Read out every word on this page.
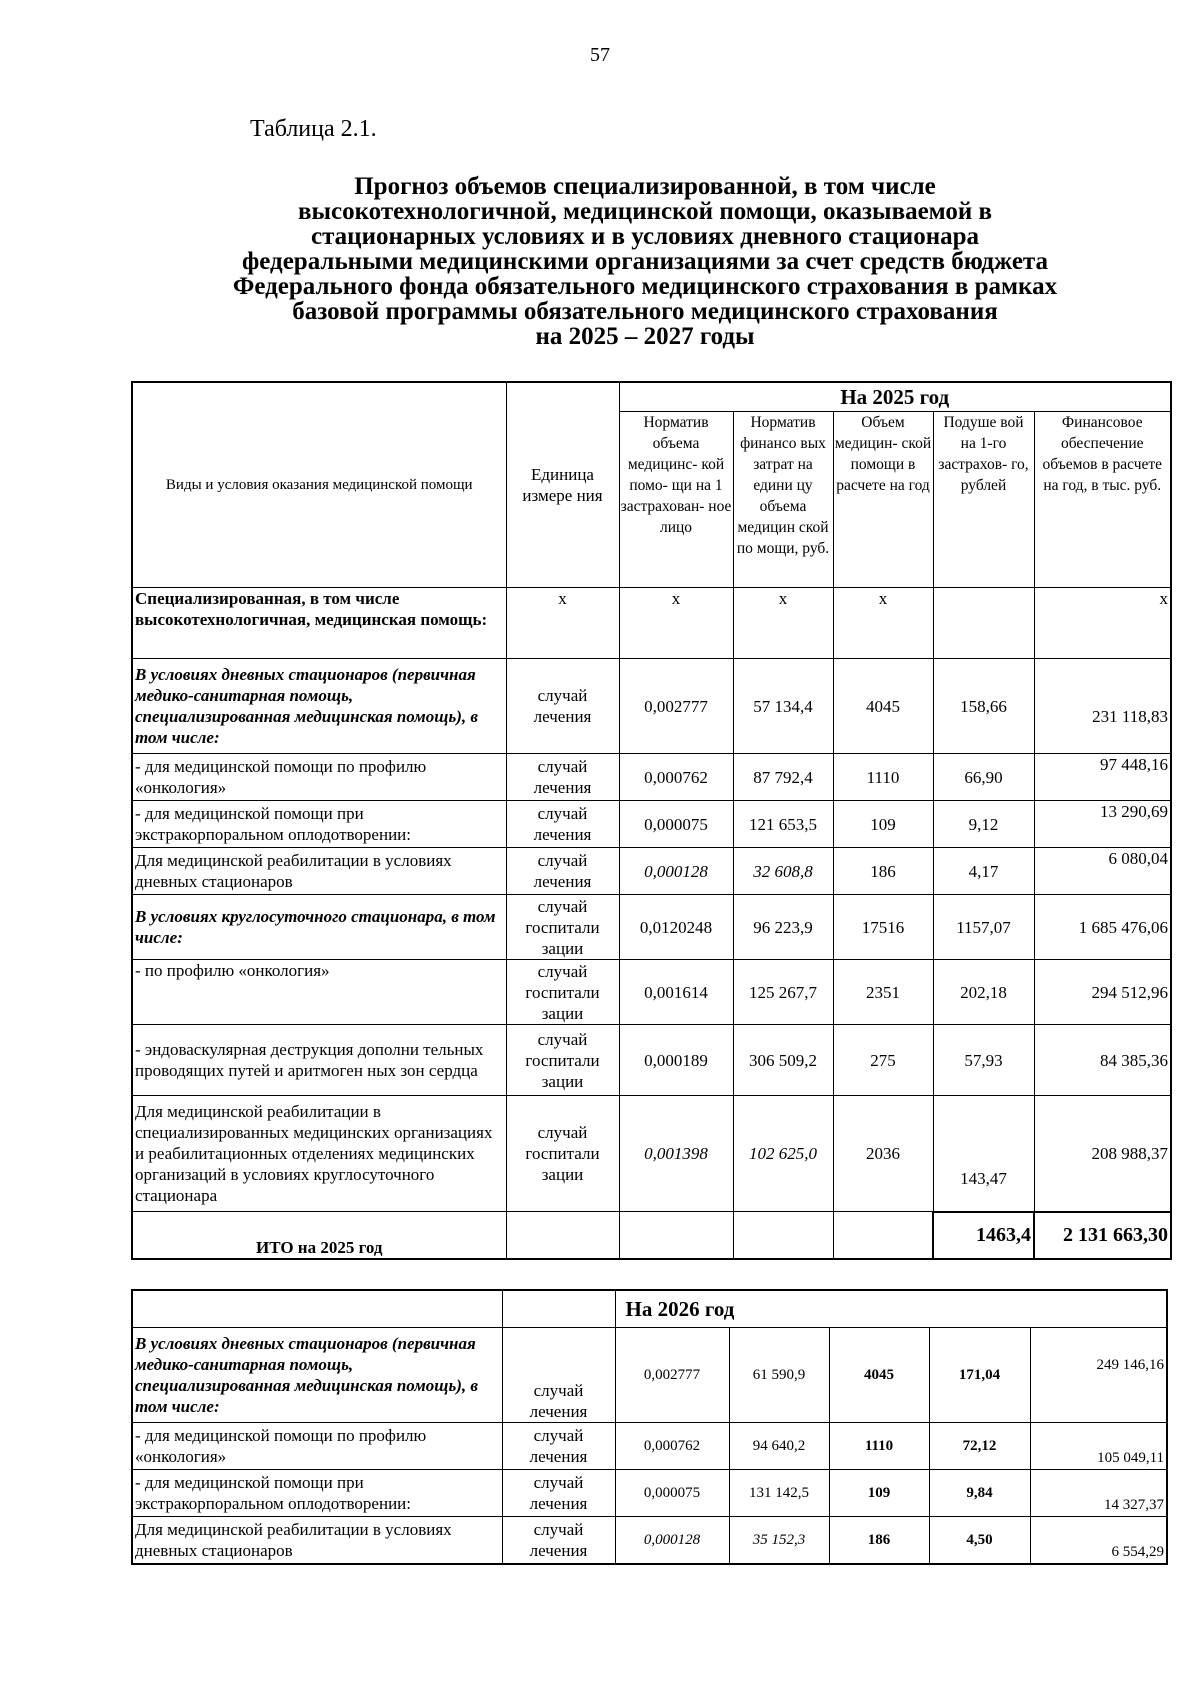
57
Таблица 2.1.
Прогноз объемов специализированной, в том числе
высокотехнологичной, медицинской помощи, оказываемой в
стационарных условиях и в условиях дневного стационара
федеральными медицинскими организациями за счет средств бюджета
Федерального фонда обязательного медицинского страхования в рамках
базовой программы обязательного медицинского страхования
на 2025 – 2027 годы
Виды и условия оказания медицинской помощи	Единица измере ния	На 2025 год				
		Норматив объема медицинс- кой помо- щи на 1 застрахован- ное лицо	Норматив финансо вых затрат на едини цу объема медицин ской по мощи, руб.	Объем медицин- ской помощи в расчете на год	Подуше вой на 1-го застрахов- го, рублей	Финансовое обеспечение объемов в расчете на год, в тыс. руб.
Специализированная, в том числе высокотехнологичная, медицинская помощь:	х	х	х	х		х
В условиях дневных стационаров (первичная медико-санитарная помощь, специализированная медицинская помощь), в том числе:	случай лечения	0,002777	57 134,4	4045	158,66	231 118,83
- для медицинской помощи по профилю «онкология»	случай лечения	0,000762	87 792,4	1110	66,90	97 448,16
- для медицинской помощи при экстракорпоральном оплодотворении:	случай лечения	0,000075	121 653,5	109	9,12	13 290,69
Для медицинской реабилитации в условиях дневных стационаров	случай лечения	0,000128	32 608,8	186	4,17	6 080,04
В условиях круглосуточного стационара, в том числе:	случай госпитали зации	0,0120248	96 223,9	17516	1157,07	1 685 476,06
- по профилю «онкология»	случай госпитали зации	0,001614	125 267,7	2351	202,18	294 512,96
- эндоваскулярная деструкция дополни тельных проводящих путей и аритмоген ных зон сердца	случай госпитали зации	0,000189	306 509,2	275	57,93	84 385,36
Для медицинской реабилитации в специализированных медицинских организациях и реабилитационных отделениях медицинских организаций в условиях круглосуточного стационара	случай госпитали зации	0,001398	102 625,0	2036	143,47	208 988,37
ИТО на 2025 год					1463,4	2 131 663,30
		На 2026 год				
В условиях дневных стационаров (первичная медико-санитарная помощь, специализированная медицинская помощь), в том числе:	случай лечения	0,002777	61 590,9	4045	171,04	249 146,16
- для медицинской помощи по профилю «онкология»	случай лечения	0,000762	94 640,2	1110	72,12	105 049,11
- для медицинской помощи при экстракорпоральном оплодотворении:	случай лечения	0,000075	131 142,5	109	9,84	14 327,37
Для медицинской реабилитации в условиях дневных стационаров	случай лечения	0,000128	35 152,3	186	4,50	6 554,29
